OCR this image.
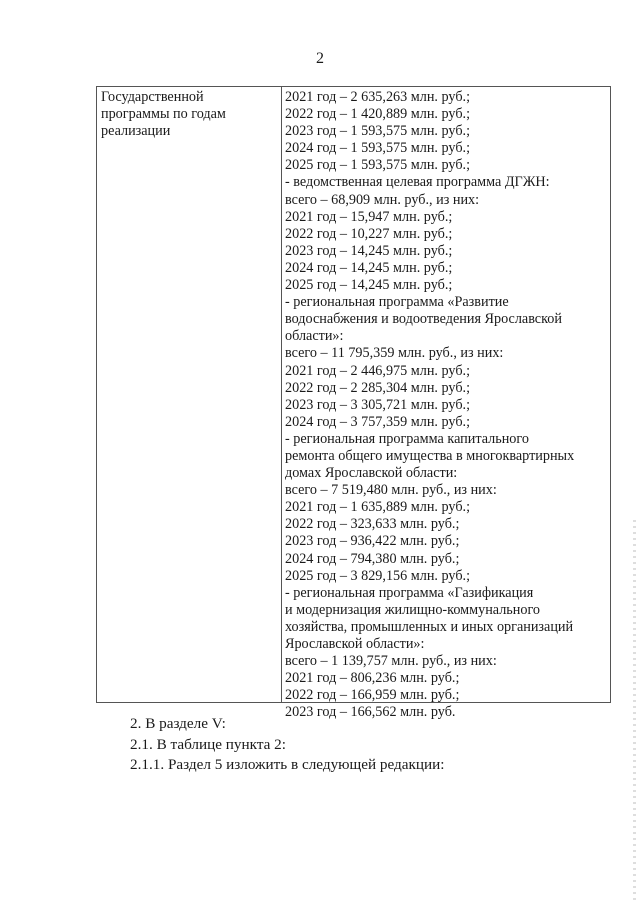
2
Государственной
программы по годам
реализации
2021 год – 2 635,263 млн. руб.;
2022 год – 1 420,889 млн. руб.;
2023 год – 1 593,575 млн. руб.;
2024 год – 1 593,575 млн. руб.;
2025 год – 1 593,575 млн. руб.;
- ведомственная целевая программа ДГЖН:
всего – 68,909 млн. руб., из них:
2021 год – 15,947 млн. руб.;
2022 год – 10,227 млн. руб.;
2023 год – 14,245 млн. руб.;
2024 год – 14,245 млн. руб.;
2025 год – 14,245 млн. руб.;
- региональная программа «Развитие
водоснабжения и водоотведения Ярославской
области»:
всего – 11 795,359 млн. руб., из них:
2021 год – 2 446,975 млн. руб.;
2022 год – 2 285,304 млн. руб.;
2023 год – 3 305,721 млн. руб.;
2024 год – 3 757,359 млн. руб.;
- региональная программа капитального
ремонта общего имущества в многоквартирных
домах Ярославской области:
всего – 7 519,480 млн. руб., из них:
2021 год – 1 635,889 млн. руб.;
2022 год – 323,633 млн. руб.;
2023 год – 936,422 млн. руб.;
2024 год – 794,380 млн. руб.;
2025 год – 3 829,156 млн. руб.;
- региональная программа «Газификация
и модернизация жилищно-коммунального
хозяйства, промышленных и иных организаций
Ярославской области»:
всего – 1 139,757 млн. руб., из них:
2021 год – 806,236 млн. руб.;
2022 год – 166,959 млн. руб.;
2023 год – 166,562 млн. руб.
2. В разделе V:
2.1. В таблице пункта 2:
2.1.1. Раздел 5 изложить в следующей редакции:
